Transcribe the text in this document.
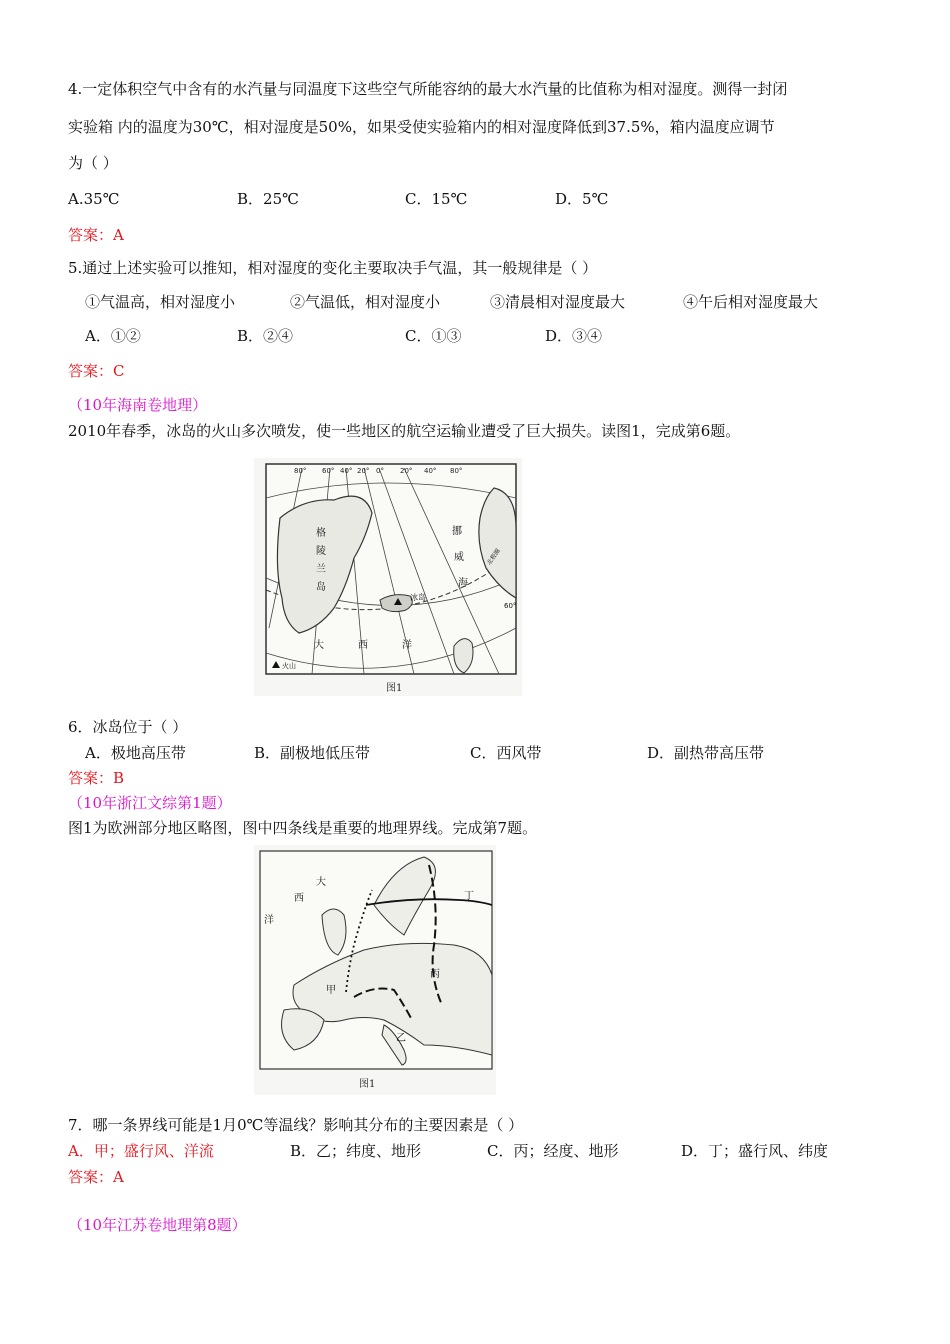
4.一定体积空气中含有的水汽量与同温度下这些空气所能容纳的最大水汽量的比值称为相对湿度。测得一封闭
实验箱 内的温度为30℃，相对湿度是50%，如果受使实验箱内的相对湿度降低到37.5%，箱内温度应调节
为（ ）
A.35℃	B．25℃	C．15℃	D．5℃
答案：A
5.通过上述实验可以推知，相对湿度的变化主要取决手气温，其一般规律是（ ）
①气温高，相对湿度小	②气温低，相对湿度小	③清晨相对湿度最大	④午后相对湿度最大
A．①②	B．②④	C．①③	D．③④
答案：C
（10年海南卷地理）
2010年春季，冰岛的火山多次喷发，使一些地区的航空运输业遭受了巨大损失。读图1，完成第6题。
80° 60° 40° 20° 0° 20° 40° 80°
格
陵
兰
岛
挪
威
海
大	西	洋
冰岛
60°
北极圈
火山
图1
6．冰岛位于（ ）
A．极地高压带	B．副极地低压带	C．西风带	D．副热带高压带
答案：B
（10年浙江文综第1题）
图1为欧洲部分地区略图，图中四条线是重要的地理界线。完成第7题。
大
西
洋
甲
乙
丙
丁
图1
7．哪一条界线可能是1月0℃等温线？影响其分布的主要因素是（ ）
A．甲；盛行风、洋流	B．乙；纬度、地形	C．丙；经度、地形	D．丁；盛行风、纬度
答案：A
（10年江苏卷地理第8题）
